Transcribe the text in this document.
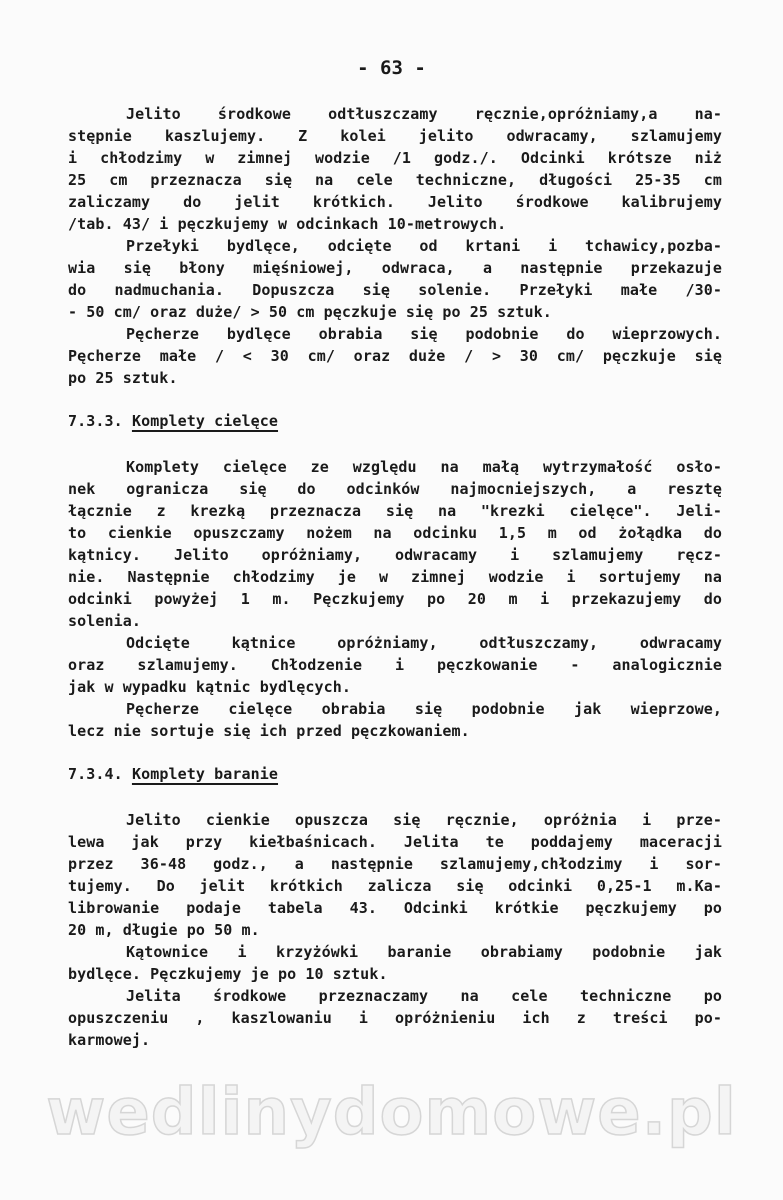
- 63 -
Jelito środkowe odtłuszczamy ręcznie,opróżniamy,a na-
stępnie kaszlujemy. Z kolei jelito odwracamy, szlamujemy
i chłodzimy w zimnej wodzie /1 godz./. Odcinki krótsze niż
25 cm przeznacza się na cele techniczne, długości 25-35 cm
zaliczamy do jelit krótkich. Jelito środkowe kalibrujemy
/tab. 43/ i pęczkujemy w odcinkach 10-metrowych.
Przełyki bydlęce, odcięte od krtani i tchawicy,pozba-
wia się błony mięśniowej, odwraca, a następnie przekazuje
do nadmuchania. Dopuszcza się solenie. Przełyki małe /30-
- 50 cm/ oraz duże/ > 50 cm pęczkuje się po 25 sztuk.
Pęcherze bydlęce obrabia się podobnie do wieprzowych.
Pęcherze małe / < 30 cm/ oraz duże / > 30 cm/ pęczkuje się
po 25 sztuk.
7.3.3. Komplety cielęce
Komplety cielęce ze względu na małą wytrzymałość osło-
nek ogranicza się do odcinków najmocniejszych, a resztę
łącznie z krezką przeznacza się na "krezki cielęce". Jeli-
to cienkie opuszczamy nożem na odcinku 1,5 m od żołądka do
kątnicy. Jelito opróżniamy, odwracamy i szlamujemy ręcz-
nie. Następnie chłodzimy je w zimnej wodzie i sortujemy na
odcinki powyżej 1 m. Pęczkujemy po 20 m i przekazujemy do
solenia.
Odcięte kątnice opróżniamy, odtłuszczamy, odwracamy
oraz szlamujemy. Chłodzenie i pęczkowanie - analogicznie
jak w wypadku kątnic bydlęcych.
Pęcherze cielęce obrabia się podobnie jak wieprzowe,
lecz nie sortuje się ich przed pęczkowaniem.
7.3.4. Komplety baranie
Jelito cienkie opuszcza się ręcznie, opróżnia i prze-
lewa jak przy kiełbaśnicach. Jelita te poddajemy maceracji
przez 36-48 godz., a następnie szlamujemy,chłodzimy i sor-
tujemy. Do jelit krótkich zalicza się odcinki 0,25-1 m.Ka-
librowanie podaje tabela 43. Odcinki krótkie pęczkujemy po
20 m, długie po 50 m.
Kątownice i krzyżówki baranie obrabiamy podobnie jak
bydlęce. Pęczkujemy je po 10 sztuk.
Jelita środkowe przeznaczamy na cele techniczne po
opuszczeniu , kaszlowaniu i opróżnieniu ich z treści po-
karmowej.
wedlinydomowe.pl
